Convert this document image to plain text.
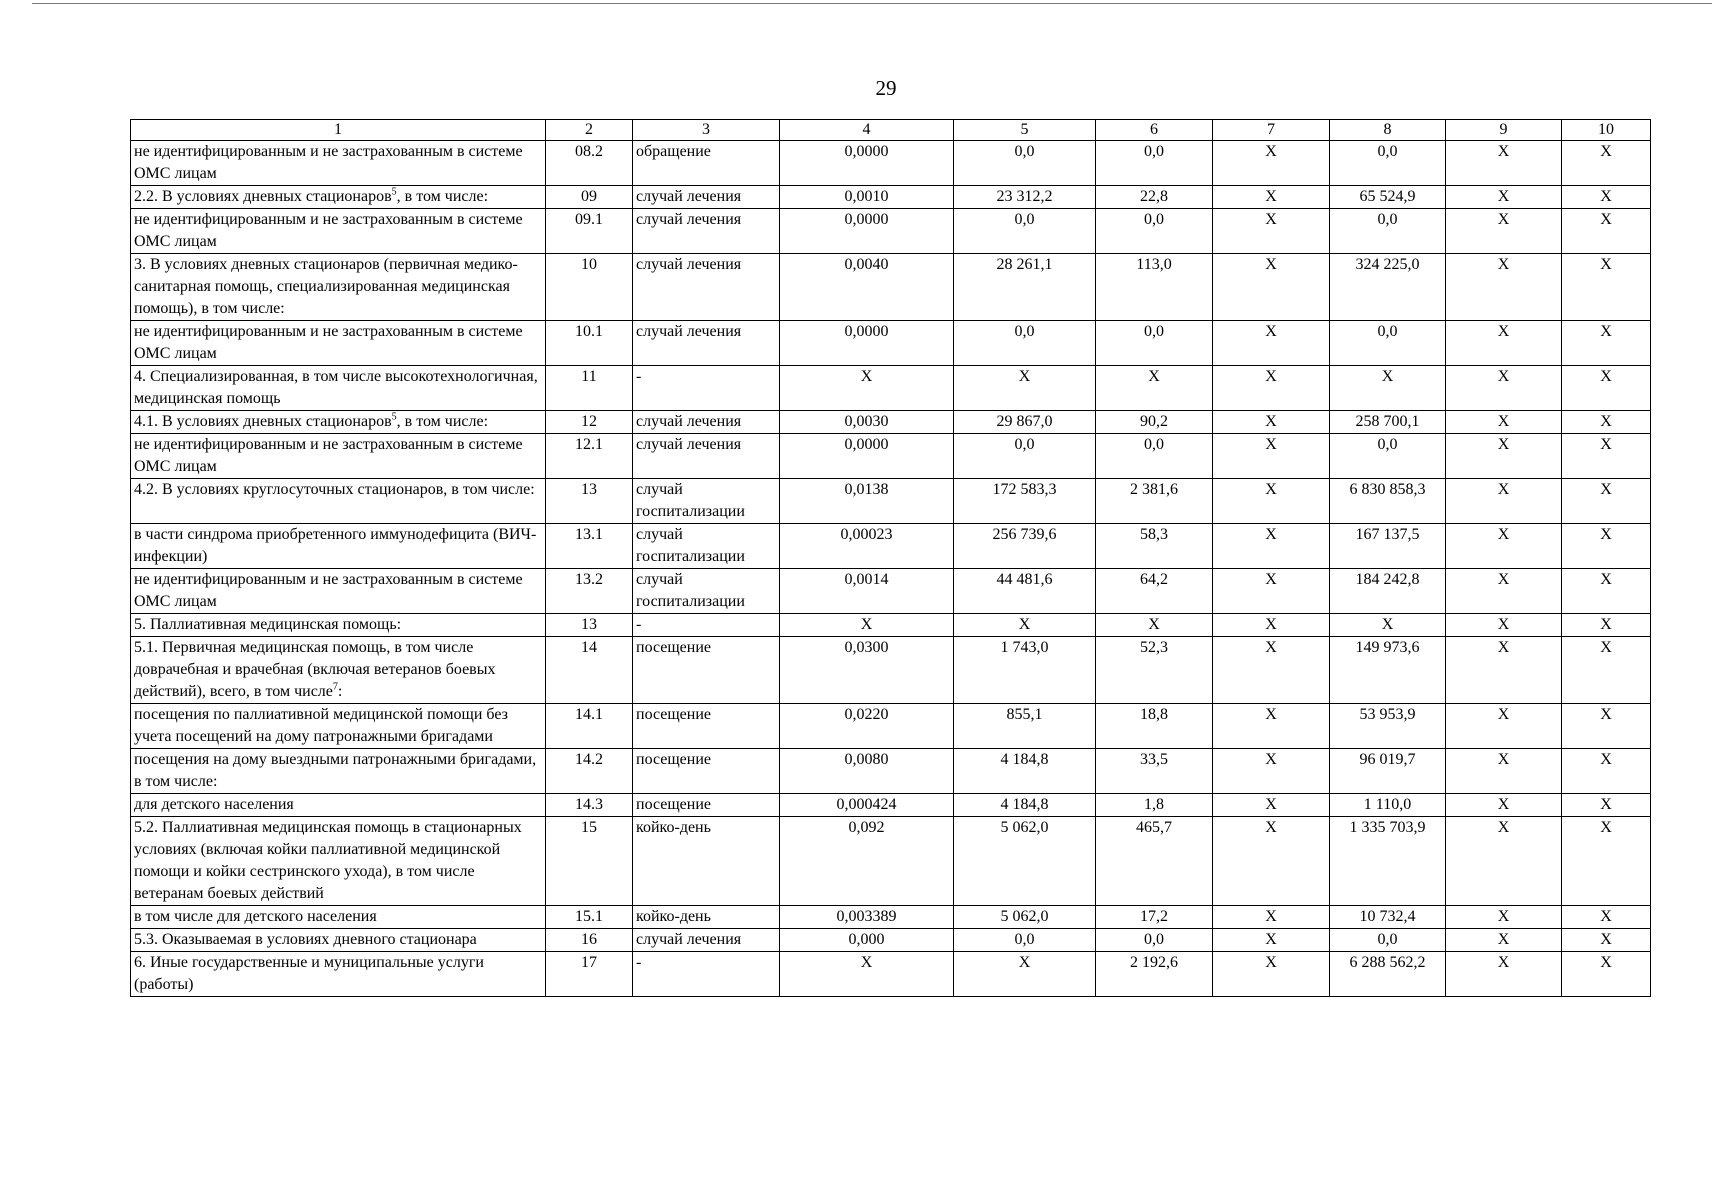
29
1	2	3	4	5	6	7	8	9	10
не идентифицированным и не застрахованным в системе ОМС лицам	08.2	обращение	0,0000	0,0	0,0	Х	0,0	Х	Х
2.2. В условиях дневных стационаров$^5$, в том числе:	09	случай лечения	0,0010	23 312,2	22,8	Х	65 524,9	Х	Х
не идентифицированным и не застрахованным в системе ОМС лицам	09.1	случай лечения	0,0000	0,0	0,0	Х	0,0	Х	Х
3. В условиях дневных стационаров (первичная медико-санитарная помощь, специализированная медицинская помощь), в том числе:	10	случай лечения	0,0040	28 261,1	113,0	Х	324 225,0	Х	Х
не идентифицированным и не застрахованным в системе ОМС лицам	10.1	случай лечения	0,0000	0,0	0,0	Х	0,0	Х	Х
4. Специализированная, в том числе высокотехнологичная, медицинская помощь	11	-	Х	Х	Х	Х	Х	Х	Х
4.1. В условиях дневных стационаров$^5$, в том числе:	12	случай лечения	0,0030	29 867,0	90,2	Х	258 700,1	Х	Х
не идентифицированным и не застрахованным в системе ОМС лицам	12.1	случай лечения	0,0000	0,0	0,0	Х	0,0	Х	Х
4.2. В условиях круглосуточных стационаров, в том числе:	13	случай госпитализации	0,0138	172 583,3	2 381,6	Х	6 830 858,3	Х	Х
в части синдрома приобретенного иммунодефицита (ВИЧ-инфекции)	13.1	случай госпитализации	0,00023	256 739,6	58,3	Х	167 137,5	Х	Х
не идентифицированным и не застрахованным в системе ОМС лицам	13.2	случай госпитализации	0,0014	44 481,6	64,2	Х	184 242,8	Х	Х
5. Паллиативная медицинская помощь:	13	-	Х	Х	Х	Х	Х	Х	Х
5.1. Первичная медицинская помощь, в том числе доврачебная и врачебная (включая ветеранов боевых действий), всего, в том числе$^7$:	14	посещение	0,0300	1 743,0	52,3	Х	149 973,6	Х	Х
посещения по паллиативной медицинской помощи без учета посещений на дому патронажными бригадами	14.1	посещение	0,0220	855,1	18,8	Х	53 953,9	Х	Х
посещения на дому выездными патронажными бригадами, в том числе:	14.2	посещение	0,0080	4 184,8	33,5	Х	96 019,7	Х	Х
для детского населения	14.3	посещение	0,000424	4 184,8	1,8	Х	1 110,0	Х	Х
5.2. Паллиативная медицинская помощь в стационарных условиях (включая койки паллиативной медицинской помощи и койки сестринского ухода), в том числе ветеранам боевых действий	15	койко-день	0,092	5 062,0	465,7	Х	1 335 703,9	Х	Х
в том числе для детского населения	15.1	койко-день	0,003389	5 062,0	17,2	Х	10 732,4	Х	Х
5.3. Оказываемая в условиях дневного стационара	16	случай лечения	0,000	0,0	0,0	Х	0,0	Х	Х
6. Иные государственные и муниципальные услуги (работы)	17	-	Х	Х	2 192,6	Х	6 288 562,2	Х	Х
